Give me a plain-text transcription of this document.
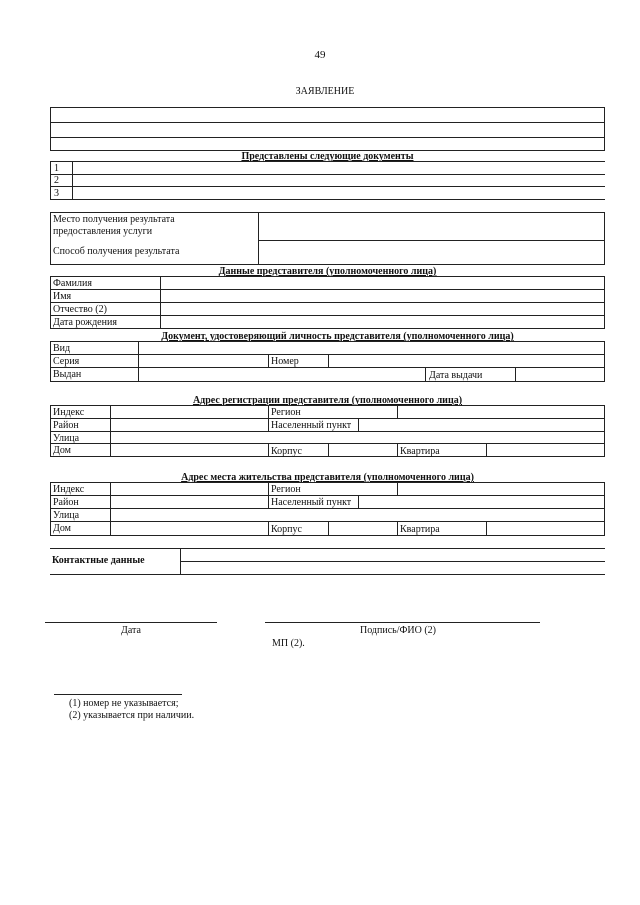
49
ЗАЯВЛЕНИЕ
Представлены следующие документы
1
2
3
Место получения результата
предоставления услуги
Способ получения результата
Данные представителя (уполномоченного лица)
Фамилия
Имя
Отчество (2)
Дата рождения
Документ, удостоверяющий личность представителя (уполномоченного лица)
Вид
Серия	Номер
Выдан	Дата выдачи
Адрес регистрации представителя (уполномоченного лица)
Индекс	Регион
Район	Населенный пункт
Улица
Дом	Корпус	Квартира
Адрес места жительства представителя (уполномоченного лица)
Индекс	Регион
Район	Населенный пункт
Улица
Дом	Корпус	Квартира
Контактные данные
Дата	Подпись/ФИО (2)
МП (2).
(1) номер не указывается;
(2) указывается при наличии.
